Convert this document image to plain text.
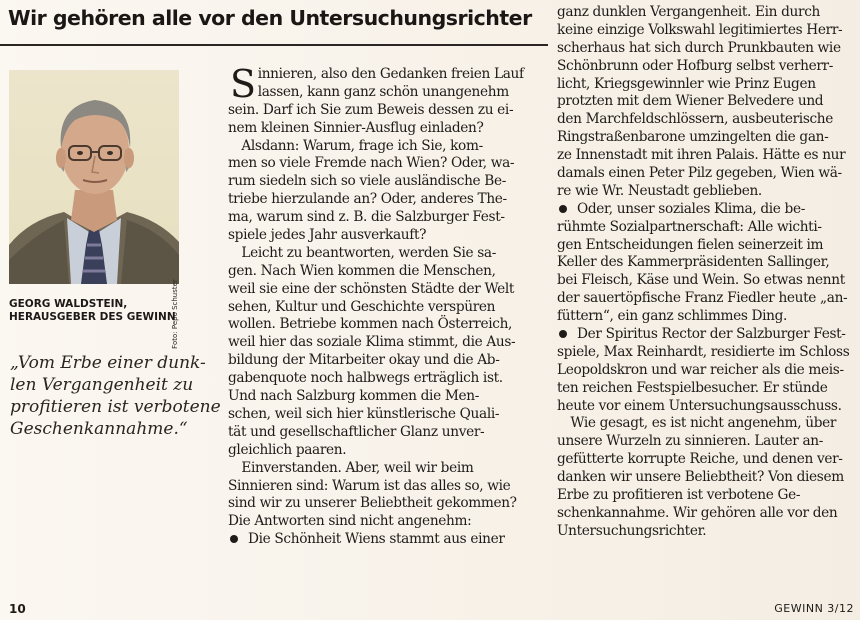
Wir gehören alle vor den Untersuchungsrichter
Foto: Pepo Schuster
GEORG WALDSTEIN,
HERAUSGEBER DES GEWINN
„Vom Erbe einer dunk-
len Vergangenheit zu
profitieren ist verbotene
Geschenkannahme.“
S innieren, also den Gedanken freien Lauf
lassen, kann ganz schön unangenehm
sein. Darf ich Sie zum Beweis dessen zu ei-
nem kleinen Sinnier-Ausflug einladen?
 Alsdann: Warum, frage ich Sie, kom-
men so viele Fremde nach Wien? Oder, wa-
rum siedeln sich so viele ausländische Be-
triebe hierzulande an? Oder, anderes The-
ma, warum sind z. B. die Salzburger Fest-
spiele jedes Jahr ausverkauft?
 Leicht zu beantworten, werden Sie sa-
gen. Nach Wien kommen die Menschen,
weil sie eine der schönsten Städte der Welt
sehen, Kultur und Geschichte verspüren
wollen. Betriebe kommen nach Österreich,
weil hier das soziale Klima stimmt, die Aus-
bildung der Mitarbeiter okay und die Ab-
gabenquote noch halbwegs erträglich ist.
Und nach Salzburg kommen die Men-
schen, weil sich hier künstlerische Quali-
tät und gesellschaftlicher Glanz unver-
gleichlich paaren.
 Einverstanden. Aber, weil wir beim
Sinnieren sind: Warum ist das alles so, wie
sind wir zu unserer Beliebtheit gekommen?
Die Antworten sind nicht angenehm:
Die Schönheit Wiens stammt aus einer
ganz dunklen Vergangenheit. Ein durch
keine einzige Volkswahl legitimiertes Herr-
scherhaus hat sich durch Prunkbauten wie
Schönbrunn oder Hofburg selbst verherr-
licht, Kriegsgewinnler wie Prinz Eugen
protzten mit dem Wiener Belvedere und
den Marchfeldschlössern, ausbeuterische
Ringstraßenbarone umzingelten die gan-
ze Innenstadt mit ihren Palais. Hätte es nur
damals einen Peter Pilz gegeben, Wien wä-
re wie Wr. Neustadt geblieben.
Oder, unser soziales Klima, die be-
rühmte Sozialpartnerschaft: Alle wichti-
gen Entscheidungen fielen seinerzeit im
Keller des Kammerpräsidenten Sallinger,
bei Fleisch, Käse und Wein. So etwas nennt
der sauertöpfische Franz Fiedler heute „an-
füttern“, ein ganz schlimmes Ding.
Der Spiritus Rector der Salzburger Fest-
spiele, Max Reinhardt, residierte im Schloss
Leopoldskron und war reicher als die meis-
ten reichen Festspielbesucher. Er stünde
heute vor einem Untersuchungsausschuss.
 Wie gesagt, es ist nicht angenehm, über
unsere Wurzeln zu sinnieren. Lauter an-
gefütterte korrupte Reiche, und denen ver-
danken wir unsere Beliebtheit? Von diesem
Erbe zu profitieren ist verbotene Ge-
schenkannahme. Wir gehören alle vor den
Untersuchungsrichter.
10	GEWINN 3/12
